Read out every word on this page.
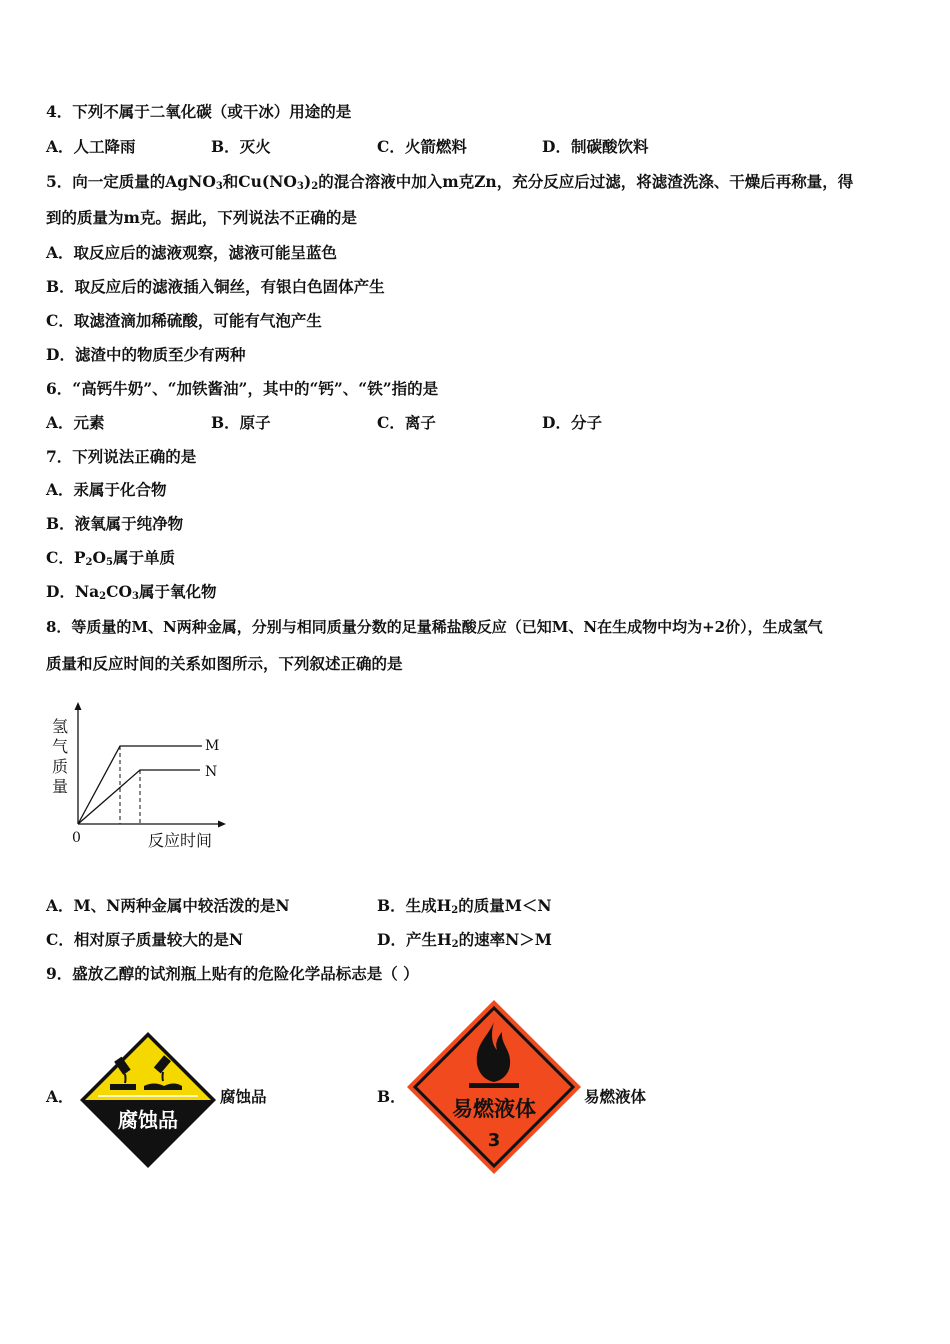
4．下列不属于二氧化碳（或干冰）用途的是
A．人工降雨	B．灭火	C．火箭燃料	D．制碳酸饮料
5．向一定质量的AgNO$_3$和$Cu(NO_3)_2$的混合溶液中加入m克Zn，充分反应后过滤，将滤渣洗涤、干燥后再称量，得
到的质量为m克。据此，下列说法不正确的是
A．取反应后的滤液观察，滤液可能呈蓝色
B．取反应后的滤液插入铜丝，有银白色固体产生
C．取滤渣滴加稀硫酸，可能有气泡产生
D．滤渣中的物质至少有两种
6．“高钙牛奶”、“加铁酱油”，其中的“钙”、“铁”指的是
A．元素	B．原子	C．离子	D．分子
7．下列说法正确的是
A．汞属于化合物
B．液氧属于纯净物
C．$P_2O_5$属于单质
D．$Na_2CO_3$属于氧化物
8．等质量的M、N两种金属，分别与相同质量分数的足量稀盐酸反应（已知M、N在生成物中均为+2价），生成氢气
质量和反应时间的关系如图所示，下列叙述正确的是
氢
气
质
量
0	反应时间
M
N
A．M、N两种金属中较活泼的是N	B．生成$H_2$的质量M＜N
C．相对原子质量较大的是N	D．产生$H_2$的速率N＞M
9．盛放乙醇的试剂瓶上贴有的危险化学品标志是（ ）
A．
腐蚀品
腐蚀品	B．
易燃液体
3
易燃液体
